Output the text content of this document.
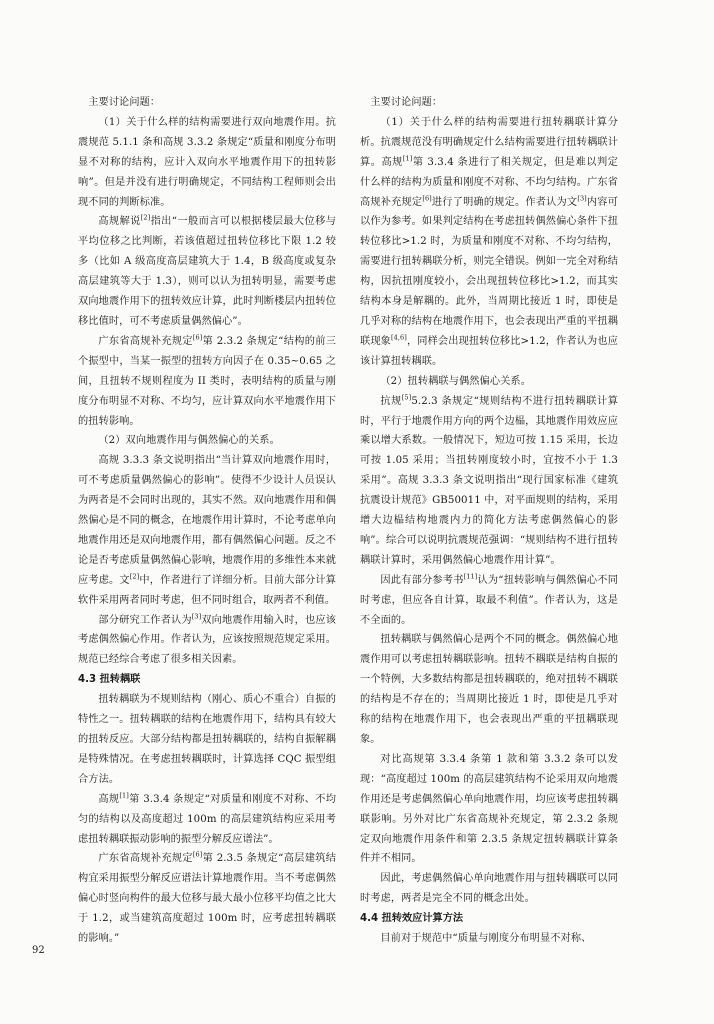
主要讨论问题：

（1）关于什么样的结构需要进行双向地震作用。抗震规范 5.1.1 条和高规 3.3.2 条规定“质量和刚度分布明显不对称的结构，应计入双向水平地震作用下的扭转影响”。但是并没有进行明确规定，不同结构工程师则会出现不同的判断标准。

高规解说[2]指出“一般而言可以根据楼层最大位移与平均位移之比判断，若该值超过扭转位移比下限 1.2 较多（比如 A 级高度高层建筑大于 1.4，B 级高度或复杂高层建筑等大于 1.3），则可以认为扭转明显，需要考虑双向地震作用下的扭转效应计算，此时判断楼层内扭转位移比值时，可不考虑质量偶然偏心”。

广东省高规补充规定[6]第 2.3.2 条规定“结构的前三个振型中，当某一振型的扭转方向因子在 0.35~0.65 之间，且扭转不规则程度为 II 类时，表明结构的质量与刚度分布明显不对称、不均匀，应计算双向水平地震作用下的扭转影响。

（2）双向地震作用与偶然偏心的关系。

高规 3.3.3 条文说明指出“当计算双向地震作用时，可不考虑质量偶然偏心的影响”。使得不少设计人员误认为两者是不会同时出现的，其实不然。双向地震作用和偶然偏心是不同的概念，在地震作用计算时，不论考虑单向地震作用还是双向地震作用，都有偶然偏心问题。反之不论是否考虑质量偶然偏心影响，地震作用的多维性本来就应考虑。文[2]中，作者进行了详细分析。目前大部分计算软件采用两者同时考虑，但不同时组合，取两者不利值。

部分研究工作者认为[3]双向地震作用输入时，也应该考虑偶然偏心作用。作者认为，应该按照规范规定采用。规范已经综合考虑了很多相关因素。

4.3 扭转耦联

扭转耦联为不规则结构（刚心、质心不重合）自振的特性之一。扭转耦联的结构在地震作用下，结构具有较大的扭转反应。大部分结构都是扭转耦联的，结构自振解耦是特殊情况。在考虑扭转耦联时，计算选择 CQC 振型组合方法。

高规[1]第 3.3.4 条规定“对质量和刚度不对称、不均匀的结构以及高度超过 100m 的高层建筑结构应采用考虑扭转耦联振动影响的振型分解反应谱法”。

广东省高规补充规定[6]第 2.3.5 条规定“高层建筑结构宜采用振型分解反应谱法计算地震作用。当不考虑偶然偏心时竖向构件的最大位移与最大最小位移平均值之比大于 1.2，或当建筑高度超过 100m 时，应考虑扭转耦联的影响。”

主要讨论问题：

（1）关于什么样的结构需要进行扭转耦联计算分析。抗震规范没有明确规定什么结构需要进行扭转耦联计算。高规[1]第 3.3.4 条进行了相关规定，但是难以判定什么样的结构为质量和刚度不对称、不均匀结构。广东省高规补充规定[6]进行了明确的规定。作者认为文[3]内容可以作为参考。如果判定结构在考虑扭转偶然偏心条件下扭转位移比>1.2 时，为质量和刚度不对称、不均匀结构，需要进行扭转耦联分析，则完全错误。例如一完全对称结构，因抗扭刚度较小，会出现扭转位移比>1.2，而其实结构本身是解耦的。此外，当周期比接近 1 时，即使是几乎对称的结构在地震作用下，也会表现出严重的平扭耦联现象[4,6]，同样会出现扭转位移比>1.2，作者认为也应该计算扭转耦联。

（2）扭转耦联与偶然偏心关系。

抗规[5]5.2.3 条规定“规则结构不进行扭转耦联计算时，平行于地震作用方向的两个边榀，其地震作用效应应乘以增大系数。一般情况下，短边可按 1.15 采用，长边可按 1.05 采用；当扭转刚度较小时，宜按不小于 1.3 采用”。高规 3.3.3 条文说明指出“现行国家标准《建筑抗震设计规范》GB50011 中，对平面规则的结构，采用增大边榀结构地震内力的简化方法考虑偶然偏心的影响”。综合可以说明抗震规范强调：“规则结构不进行扭转耦联计算时，采用偶然偏心地震作用计算”。

因此有部分参考书[11]认为“扭转影响与偶然偏心不同时考虑，但应各自计算，取最不利值”。作者认为，这是不全面的。

扭转耦联与偶然偏心是两个不同的概念。偶然偏心地震作用可以考虑扭转耦联影响。扭转不耦联是结构自振的一个特例，大多数结构都是扭转耦联的，绝对扭转不耦联的结构是不存在的；当周期比接近 1 时，即使是几乎对称的结构在地震作用下，也会表现出严重的平扭耦联现象。

对比高规第 3.3.4 条第 1 款和第 3.3.2 条可以发现：“高度超过 100m 的高层建筑结构不论采用双向地震作用还是考虑偶然偏心单向地震作用，均应该考虑扭转耦联影响。另外对比广东省高规补充规定，第 2.3.2 条规定双向地震作用条件和第 2.3.5 条规定扭转耦联计算条件并不相同。

因此，考虑偶然偏心单向地震作用与扭转耦联可以同时考虑，两者是完全不同的概念出处。

4.4 扭转效应计算方法

目前对于规范中“质量与刚度分布明显不对称、

92
